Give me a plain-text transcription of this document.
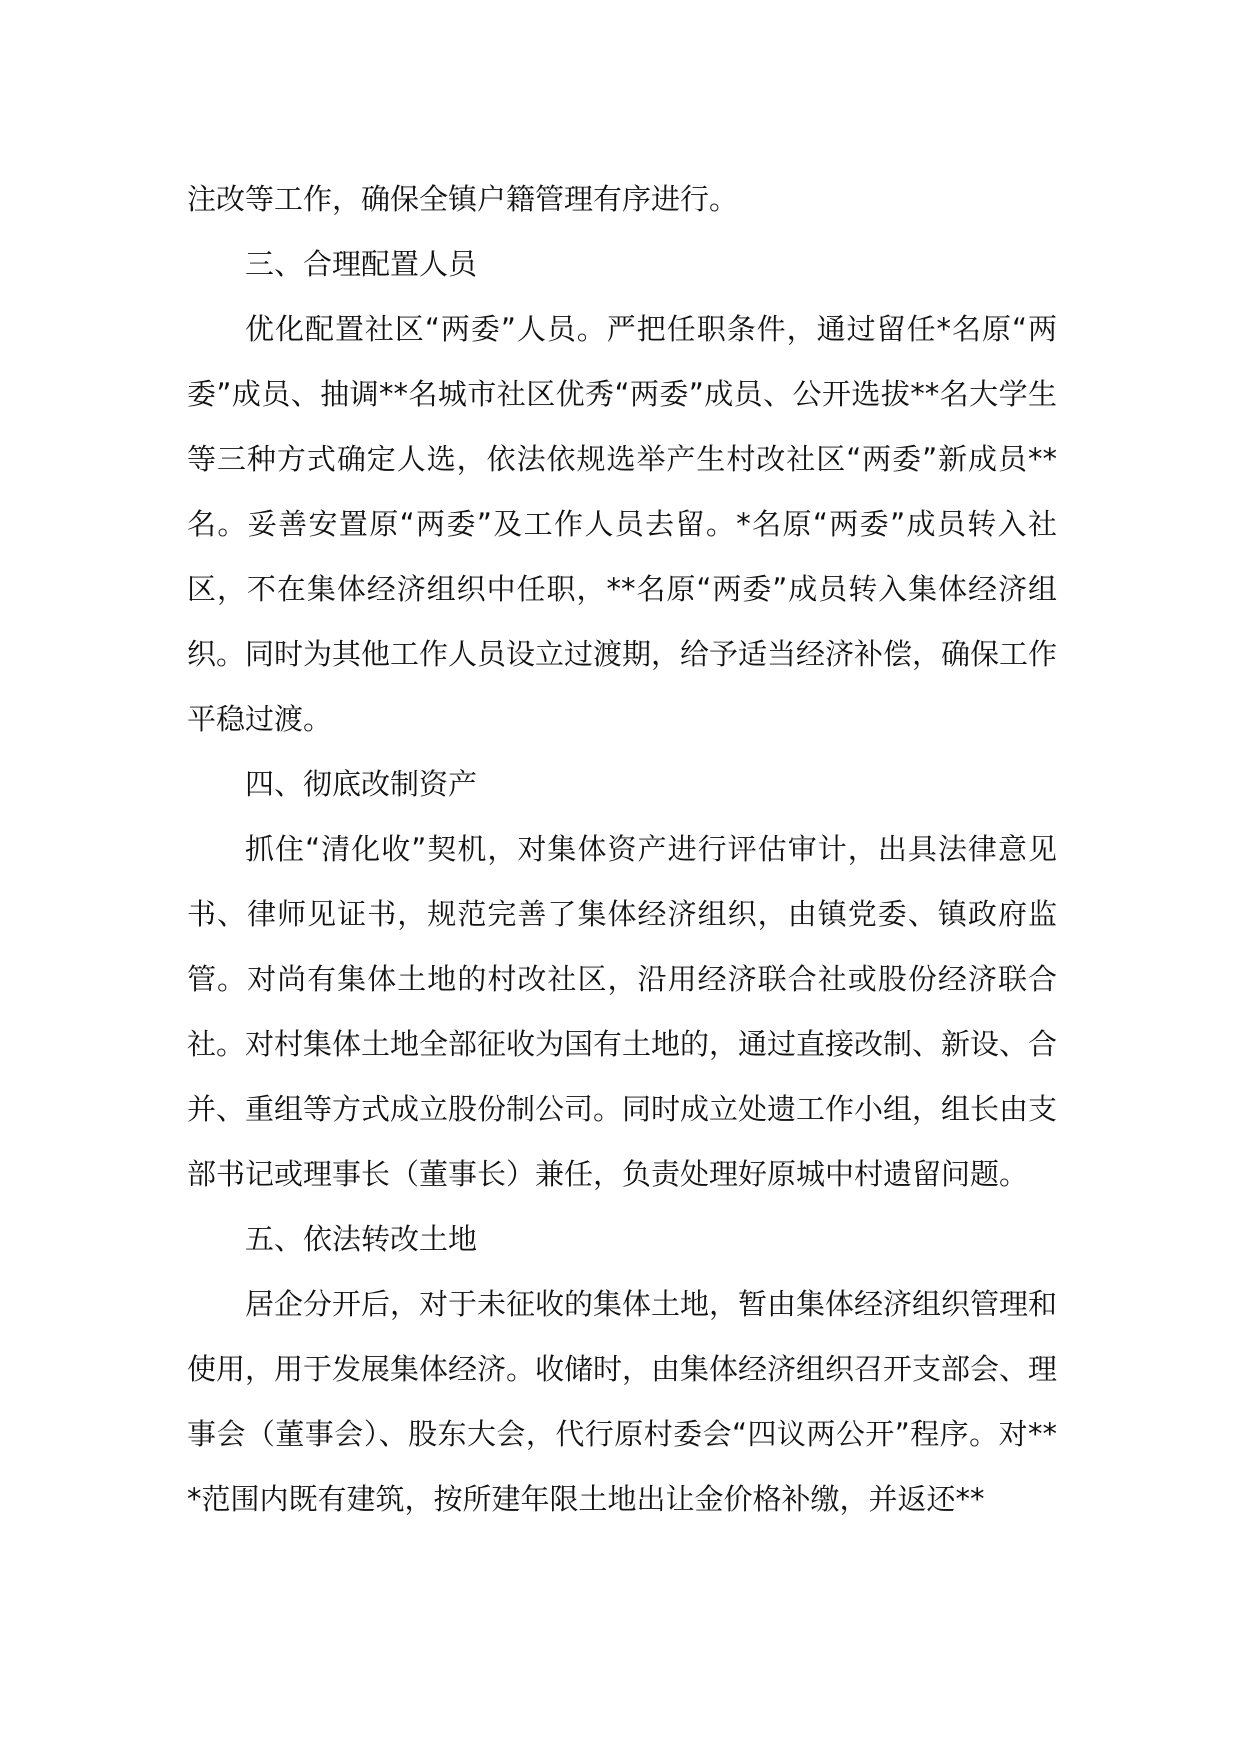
注改等工作，确保全镇户籍管理有序进行。

三、合理配置人员

优化配置社区“两委”人员。严把任职条件，通过留任*名原“两委”成员、抽调**名城市社区优秀“两委”成员、公开选拔**名大学生等三种方式确定人选，依法依规选举产生村改社区“两委”新成员**名。妥善安置原“两委”及工作人员去留。*名原“两委”成员转入社区，不在集体经济组织中任职，**名原“两委”成员转入集体经济组织。同时为其他工作人员设立过渡期，给予适当经济补偿，确保工作平稳过渡。

四、彻底改制资产

抓住“清化收”契机，对集体资产进行评估审计，出具法律意见书、律师见证书，规范完善了集体经济组织，由镇党委、镇政府监管。对尚有集体土地的村改社区，沿用经济联合社或股份经济联合社。对村集体土地全部征收为国有土地的，通过直接改制、新设、合并、重组等方式成立股份制公司。同时成立处遗工作小组，组长由支部书记或理事长（董事长）兼任，负责处理好原城中村遗留问题。

五、依法转改土地

居企分开后，对于未征收的集体土地，暂由集体经济组织管理和使用，用于发展集体经济。收储时，由集体经济组织召开支部会、理事会（董事会）、股东大会，代行原村委会“四议两公开”程序。对***范围内既有建筑，按所建年限土地出让金价格补缴，并返还**
